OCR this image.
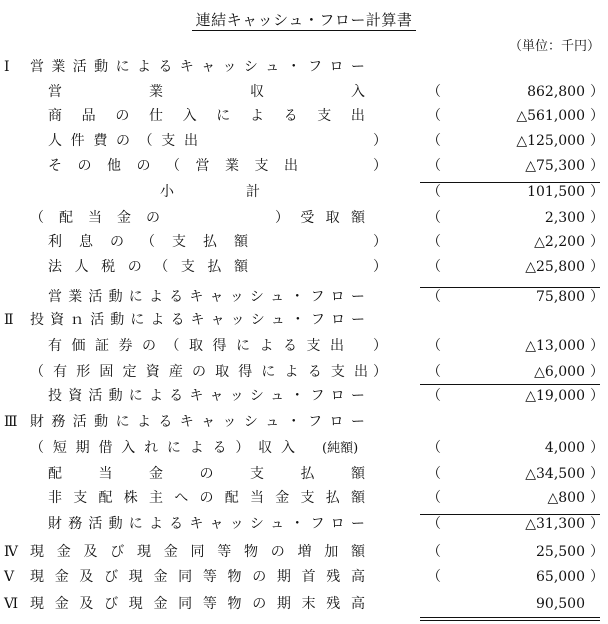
連結キャッシュ・フロー計算書
（単位：千円）
Ⅰ 営 業 活 動 に よ る キ ャ ッ シ ュ ・ フ ロ ー
営	業	収	入	（	862,800 ）
商 品 の 仕 入 に よ る 支 出	（	△561,000 ）
人 件 費 の （ 支 出	）	（	△125,000 ）
そ の 他 の （ 営 業 支 出	）	（	△75,300 ）
小	計	（	101,500 ）
（ 配 当 金 の	） 受 取 額	（	2,300 ）
利 息 の （ 支 払 額	）	（	△2,200 ）
法 人 税 の （ 支 払 額	）	（	△25,800 ）
営 業 活 動 に よ る キ ャ ッ シ ュ ・ フ ロ ー	（	75,800 ）
Ⅱ 投 資 ｎ 活 動 に よ る キ ャ ッ シ ュ ・ フ ロ ー
有 価 証 券 の （ 取 得 に よ る 支 出 ）	（	△13,000 ）
（ 有 形 固 定 資 産 の 取 得 に よ る 支 出 ）	（	△6,000 ）
投 資 活 動 に よ る キ ャ ッ シ ュ ・ フ ロ ー	（	△19,000 ）
Ⅲ 財 務 活 動 に よ る キ ャ ッ シ ュ ・ フ ロ ー
（ 短 期 借 入 れ に よ る ） 収 入 (純額)	（	4,000 ）
配	当	金	の	支	払	額	（	△34,500 ）
非 支 配 株 主 へ の 配 当 金 支 払 額	（	△800 ）
財 務 活 動 に よ る キ ャ ッ シ ュ ・ フ ロ ー	（	△31,300 ）
Ⅳ 現 金 及 び 現 金 同 等 物 の 増 加 額	（	25,500 ）
Ⅴ 現 金 及 び 現 金 同 等 物 の 期 首 残 高	（	65,000 ）
Ⅵ 現 金 及 び 現 金 同 等 物 の 期 末 残 高	90,500
